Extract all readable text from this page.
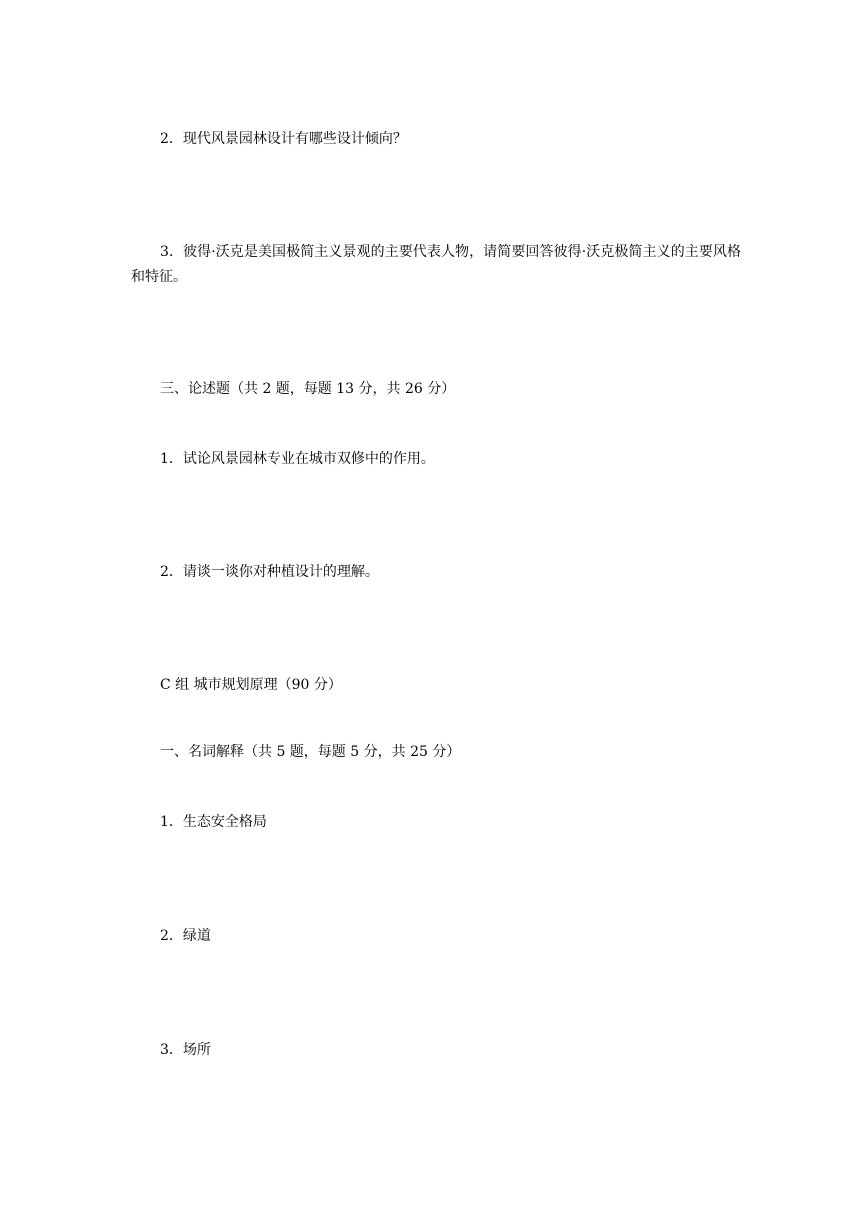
2．现代风景园林设计有哪些设计倾向？

3．彼得·沃克是美国极简主义景观的主要代表人物，请简要回答彼得·沃克极简主义的主要风格和特征。

三、论述题（共 2 题，每题 13 分，共 26 分）

1．试论风景园林专业在城市双修中的作用。

2．请谈一谈你对种植设计的理解。

C 组 城市规划原理（90 分）

一、名词解释（共 5 题，每题 5 分，共 25 分）

1．生态安全格局

2．绿道

3．场所
